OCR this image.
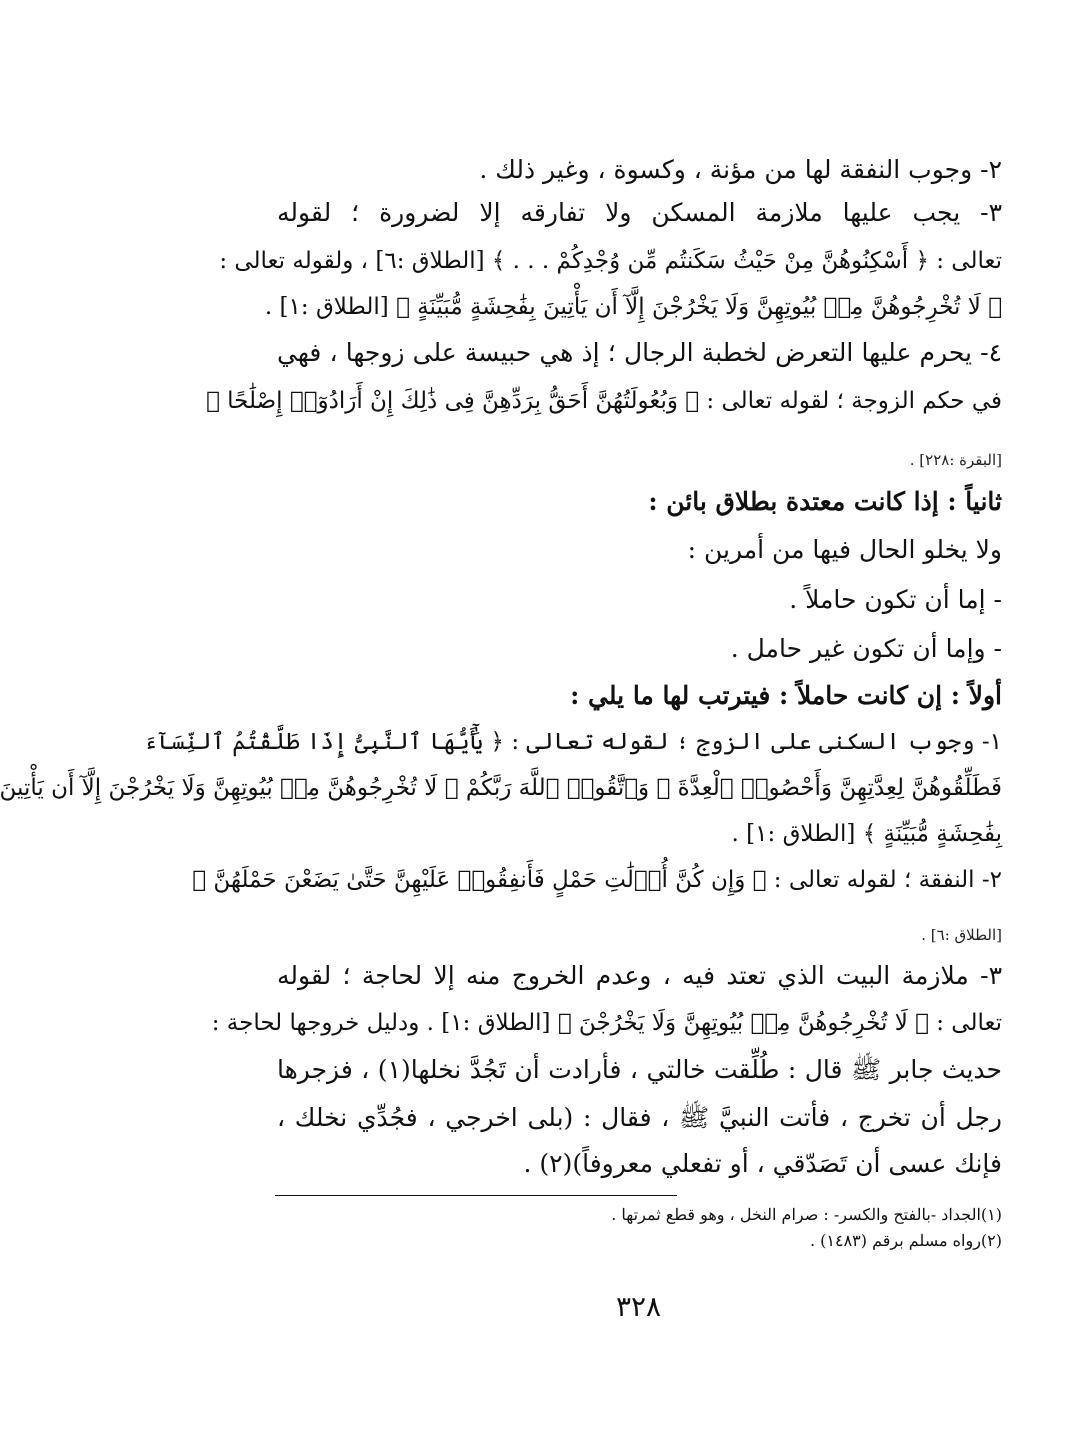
٢- وجوب النفقة لها من مؤنة ، وكسوة ، وغير ذلك .
٣- يجب عليها ملازمة المسكن ولا تفارقه إلا لضرورة ؛ لقوله
تعالى : ﴿ أَسْكِنُوهُنَّ مِنْ حَيْثُ سَكَنتُم مِّن وُجْدِكُمْ . . . ﴾ [الطلاق :٦] ، ولقوله تعالى :
﴿ لَا تُخْرِجُوهُنَّ مِنۢ بُيُوتِهِنَّ وَلَا يَخْرُجْنَ إِلَّآ أَن يَأْتِينَ بِفَٰحِشَةٍ مُّبَيِّنَةٍ ﴾ [الطلاق :١] .
٤- يحرم عليها التعرض لخطبة الرجال ؛ إذ هي حبيسة على زوجها ، فهي
في حكم الزوجة ؛ لقوله تعالى : ﴿ وَبُعُولَتُهُنَّ أَحَقُّ بِرَدِّهِنَّ فِى ذَٰلِكَ إِنْ أَرَادُوٓا۟ إِصْلَٰحًا ﴾
[البقرة :٢٢٨] .
ثانياً : إذا كانت معتدة بطلاق بائن :
ولا يخلو الحال فيها من أمرين :
- إما أن تكون حاملاً .
- وإما أن تكون غير حامل .
أولاً : إن كانت حاملاً : فيترتب لها ما يلي :
١- وجوب السكنى على الزوج ؛ لقوله تعالى : ﴿ يَٰٓأَيُّهَا ٱلنَّبِىُّ إِذَا طَلَّقْتُمُ ٱلنِّسَآءَ
فَطَلِّقُوهُنَّ لِعِدَّتِهِنَّ وَأَحْصُوا۟ ٱلْعِدَّةَ ۖ وَٱتَّقُوا۟ ٱللَّهَ رَبَّكُمْ ۖ لَا تُخْرِجُوهُنَّ مِنۢ بُيُوتِهِنَّ وَلَا يَخْرُجْنَ إِلَّآ أَن يَأْتِينَ
بِفَٰحِشَةٍ مُّبَيِّنَةٍ ﴾ [الطلاق :١] .
٢- النفقة ؛ لقوله تعالى : ﴿ وَإِن كُنَّ أُو۟لَٰتِ حَمْلٍ فَأَنفِقُوا۟ عَلَيْهِنَّ حَتَّىٰ يَضَعْنَ حَمْلَهُنَّ ﴾
[الطلاق :٦] .
٣- ملازمة البيت الذي تعتد فيه ، وعدم الخروج منه إلا لحاجة ؛ لقوله
تعالى : ﴿ لَا تُخْرِجُوهُنَّ مِنۢ بُيُوتِهِنَّ وَلَا يَخْرُجْنَ ﴾ [الطلاق :١] . ودليل خروجها لحاجة :
حديث جابر ﷺ قال : طُلِّقت خالتي ، فأرادت أن تَجُدَّ نخلها(١) ، فزجرها
رجل أن تخرج ، فأتت النبيَّ ﷺ ، فقال : (بلى اخرجي ، فجُدِّي نخلك ،
فإنك عسى أن تَصَدّقي ، أو تفعلي معروفاً)(٢) .
(١)الجداد -بالفتح والكسر- : صرام النخل ، وهو قطع ثمرتها .
(٢)رواه مسلم برقم (١٤٨٣) .
٣٢٨
